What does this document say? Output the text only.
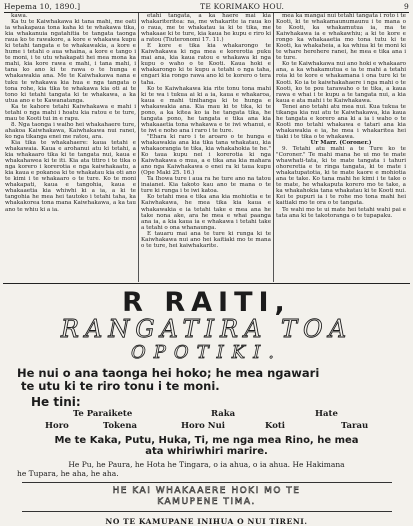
Hepema 10, 1890.]	TE KORIMAKO HOU.	9

kawa.

Ka tu te Kaiwhakawa ki tana mahi, me oati ia whakapaua tona kaha ki te whakawa tika, kia whakanuia ngatahitia te tangata taonga raua ko te rawakore, a kore e whakawa kupu ki tetahi tangata e te whakawakia, a kore e hume i tetahi o aua whaina, a kore e tango i te moni, i te utu whakapati hei mea mona ka mahi, kia kore rawa e mahi, i tana mahi, i tana ko ano ki te rawa o te hunga e whakawakia ana. Me te Kaiwhakawa nana e tuku te whakawa kia hua e nga tangata o tona rohe, kia tika te whakawa kia oti ai te tono ki tetahi tangata ki te whakawa, a ka utua ano e te Kawanatanga.

Ka te kahore tetahi Kaiwhakawa e mahi i tetahi o nga mahi i hoatu kia ratou e te ture, mau te Kooti tui in e rapu.

8. Nga taonga i waiho hei whakahaere ture, ahakoa Kaiwhakawa, Kaiwhakawa nui ranei, ko nga tikanga enei me ratou, ara.

Kia tika te whakahaere: kaua tetahi e whakawaia. Kaua e arohanui atu ki tetahi, a kia whakaaro tika ki te tangata nui, kaua e whakahawea ki te iti. Kia ata titiro i te tika o nga korero i korerotia e nga kaiwhakaatu, a kia kaua e pokanoa ki te whakatau kia oti ano te kimi i te whakaaro o te ture. Ko te moni whakapati, kaua e tangohia, kaua e whakaaetia kia whiwhi ki a ia, a ki te tangohia he mea hei tautoko i tetahi taha, ka whakakorea tona mana Kaiwhakawa, a ka tau ano te whiu ki a ia.

etahi tangata, a ka haere mai kia whakariteritea: na, me whakarite ia raua ko o raua, me te whakatau ia ki te tika, me whakaae ki te ture, kia kaua he kupu e riro ki a ratou (Tiuteronomi 17. 11.)

E kore e tika kia whakarongo te Kaiwhakawa ki nga mea e korerotia puku mai ana, kia kaua ratou e whakawa ki nga kupu o waho o te Kooti. Kaua hoki e whakarongo ki te kupu a tetahi o nga taha, engari kia rongo rawa ano ki te korero o tera taha.

Ko te Kaiwhakawa kia rite tonu tona mahi ki te wa i tukua ai ki a ia, kaua e whakaroa, kaua e mahi tinihanga ki te hunga e whakawakia ana. Kia mau ki te tika, ki te pono, a ka kitea ko ia he tangata tika, he tangata pono, he tangata e tika ana kia whakaaetia tona whakawa e te iwi whanui, e te iwi e noho ana i raro i te ture.

"Ehara ki raro i te aroaro o te hunga e whakawakia ana kia tika tana whakatau, kia whakaorangia te tika, kia whakahokia te he." Ko taua kupu nei i korerotia ki nga Kaiwhakawa o mua, a e tika ana kia mahara ano nga Kaiwhakawa o enei ra ki taua kupu (Ope Maki 25. 16.)

Ta Ihowa ture i aua ra he ture ano na tatou inaianei. Kia takoto kau ano te mana o te ture ki runga i te iwi katoa.

Ko tetahi mea e tika ana kia mohiotia e te Kaiwhakawa, he mea tika kia kaua e whakawakia e ia tetahi take e mea ana he take nona ake, ara he mea e whai paanga ana ia, a kia kaua ia e whakawa i tetahi take a tetahi o ona whanaunga.

E tauaru mai ana te ture ki runga ki te Kaiwhakawa nui ano hei kaitiaki mo te mana o te ture, hei kaiwhakarite.

mea ka mangai nui tetahi tangata i roto i te Kooti, ki te whakamaunumaunu i te mana o te Kooti, ka whakamutua ia, ma te Kaiwhakawa ia e whakawhiu; a ki te kore e rongo ka whakaaetia mo tona tutu ki te Kooti, ka whakaheia, a ka whiua ki te moni ki te whare herehere ranei, he mea e tika ana i te ture.

Ko te Kaiwhakawa nui ano hoki e whakaaro ana, a ka whakamutua e ia te mahi a tetahi roia ki te kore e whakamana i ona ture ki te Kooti. Ko ia te kaiwhakahaere i nga mahi o te Kooti, ko te pou tarawaho o te tika, a kaua rawa e whai i te kupu a te tangata nui, a kia kaua e ata mahi i te Kaiwhakawa.

Tenei ano tetahi atu mea nui. Kua tukua te tikanga kia nui atu te Kaiwhakawa, kia kaua he tangata e korero ana ki a ia i waho o te Kooti mo tetahi whakawa e tatari ana kia whakawakia e ia, he mea i whakaritea hei tiaki i te tika o te whakawa.

Ur Marr. (Coroner.)

9. Tetahi atu mahi a te Ture ko te "Coroner." Te mahi mana he ui mo te mate whawhati-tata, ki te mate tangata i tahuri ohoreretia e te ringa tangata, ki te mate i whakatupatotia, ki te mate kaore e mohiotia ana te take. Ko tana mahi he kimi i te take o te mate, he whakaputa korero mo te take, a ka whakahokia tana whakatau ki te Kooti nui. Kei te pupuri ia i te rohe mo tona mahi hei kaitiaki mo te ora o te tangata.

Te wahi mo te ui mate hei tetahi wahi pai e tata ana ki te takotoranga o te tupapaku.

R RAITI,
RANGATIRA TOA
OPOTIKI.
He nui o ana taonga hei hoko; he mea ngawari
te utu ki te riro tonu i te moni.
He tini:
Te Paraikete	Raka	Hate
Horo	Tokena	Horo Nui	Koti	Tarau
Me te Kaka, Putu, Huka, Ti, me nga mea Rino, he mea
ata whiriwhiri marire.
He Pu, he Paura, he Hota he Tingara, o ia ahua, o ia ahua. He Hakimana
he Tupara, he aha, he aha.
HE KAI WHAKAAERE HOKI MO TE
KAMUPENE TIMA.
NO TE KAMUPANE INIHUA O NUI TIRENI.
